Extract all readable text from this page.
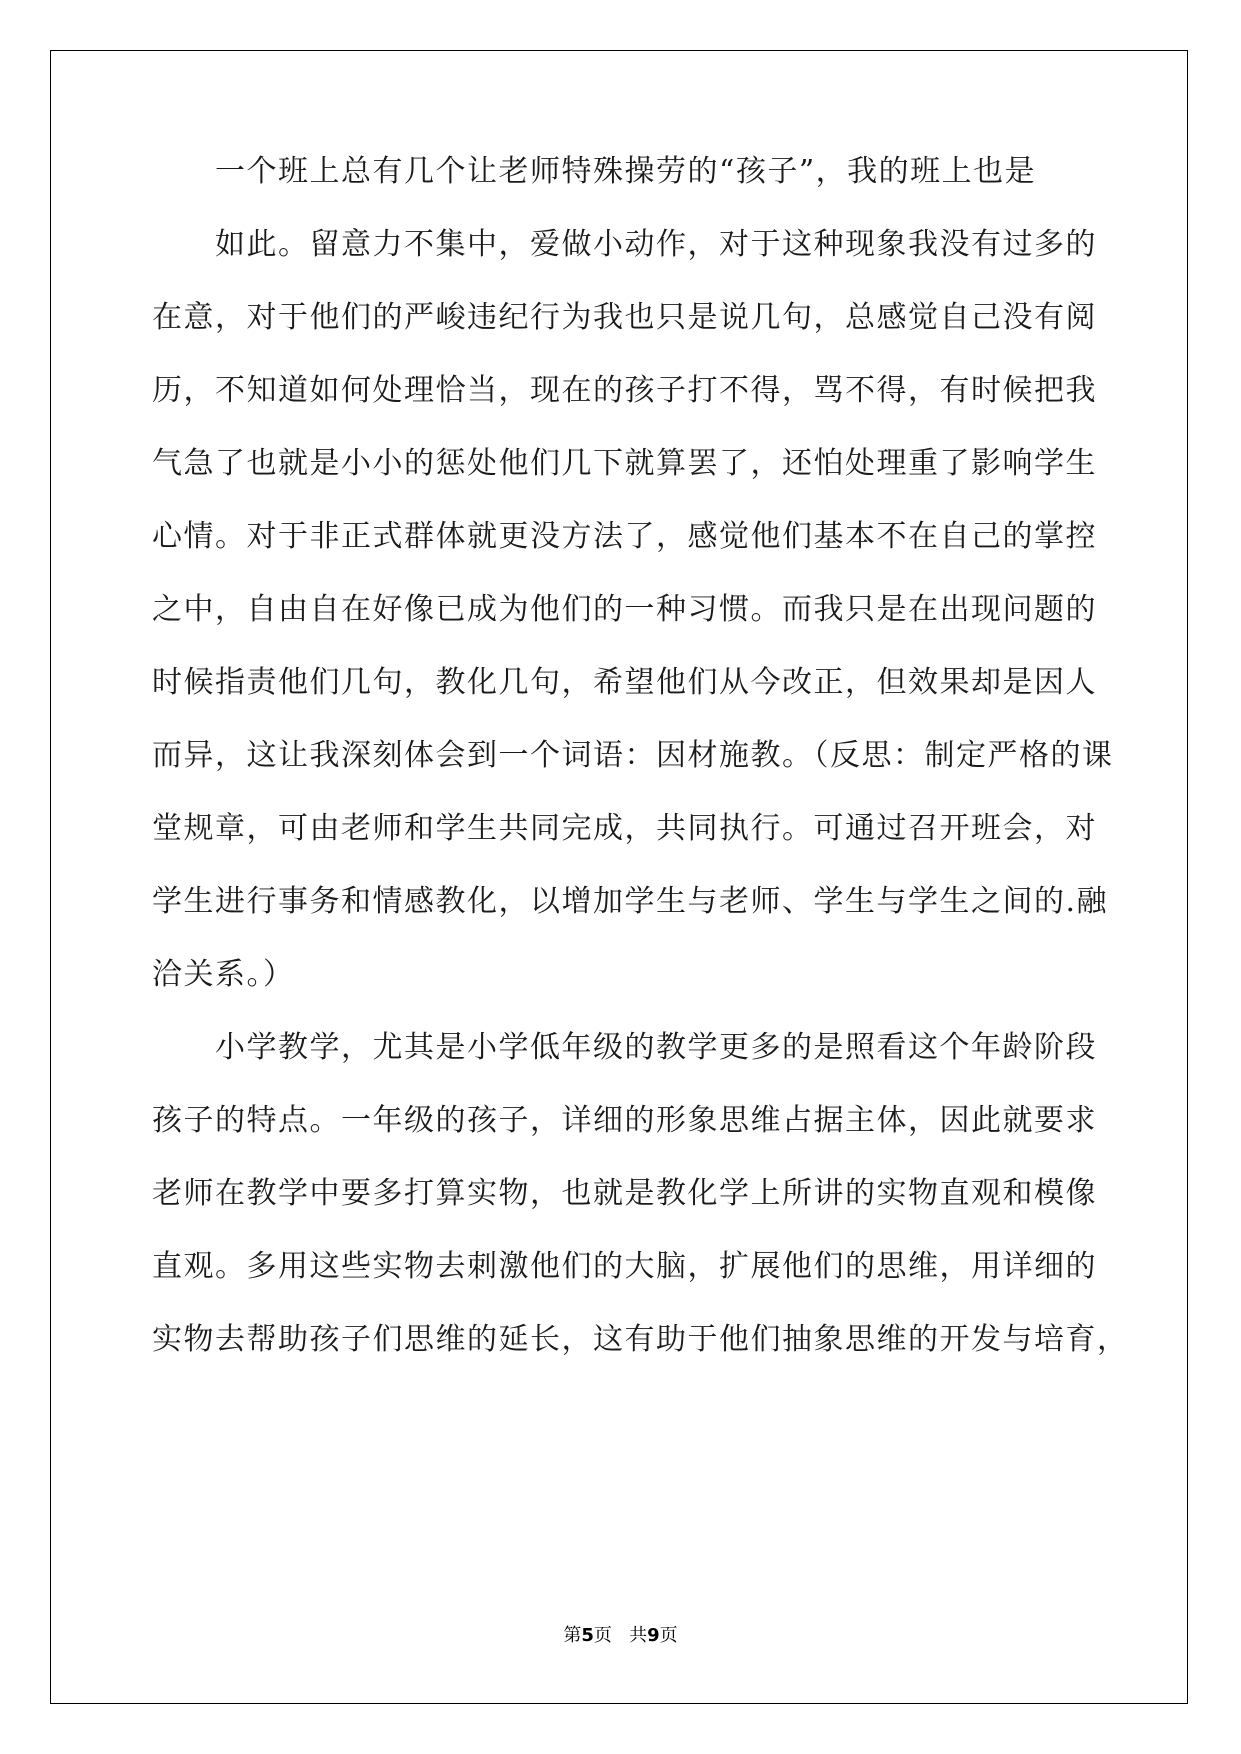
一个班上总有几个让老师特殊操劳的“孩子”，我的班上也是
如此。留意力不集中，爱做小动作，对于这种现象我没有过多的
在意，对于他们的严峻违纪行为我也只是说几句，总感觉自己没有阅
历，不知道如何处理恰当，现在的孩子打不得，骂不得，有时候把我
气急了也就是小小的惩处他们几下就算罢了，还怕处理重了影响学生
心情。对于非正式群体就更没方法了，感觉他们基本不在自己的掌控
之中，自由自在好像已成为他们的一种习惯。而我只是在出现问题的
时候指责他们几句，教化几句，希望他们从今改正，但效果却是因人
而异，这让我深刻体会到一个词语：因材施教。（反思：制定严格的课
堂规章，可由老师和学生共同完成，共同执行。可通过召开班会，对
学生进行事务和情感教化，以增加学生与老师、学生与学生之间的.融
洽关系。）
小学教学，尤其是小学低年级的教学更多的是照看这个年龄阶段
孩子的特点。一年级的孩子，详细的形象思维占据主体，因此就要求
老师在教学中要多打算实物，也就是教化学上所讲的实物直观和模像
直观。多用这些实物去刺激他们的大脑，扩展他们的思维，用详细的
实物去帮助孩子们思维的延长，这有助于他们抽象思维的开发与培育，
第5页 共9页
